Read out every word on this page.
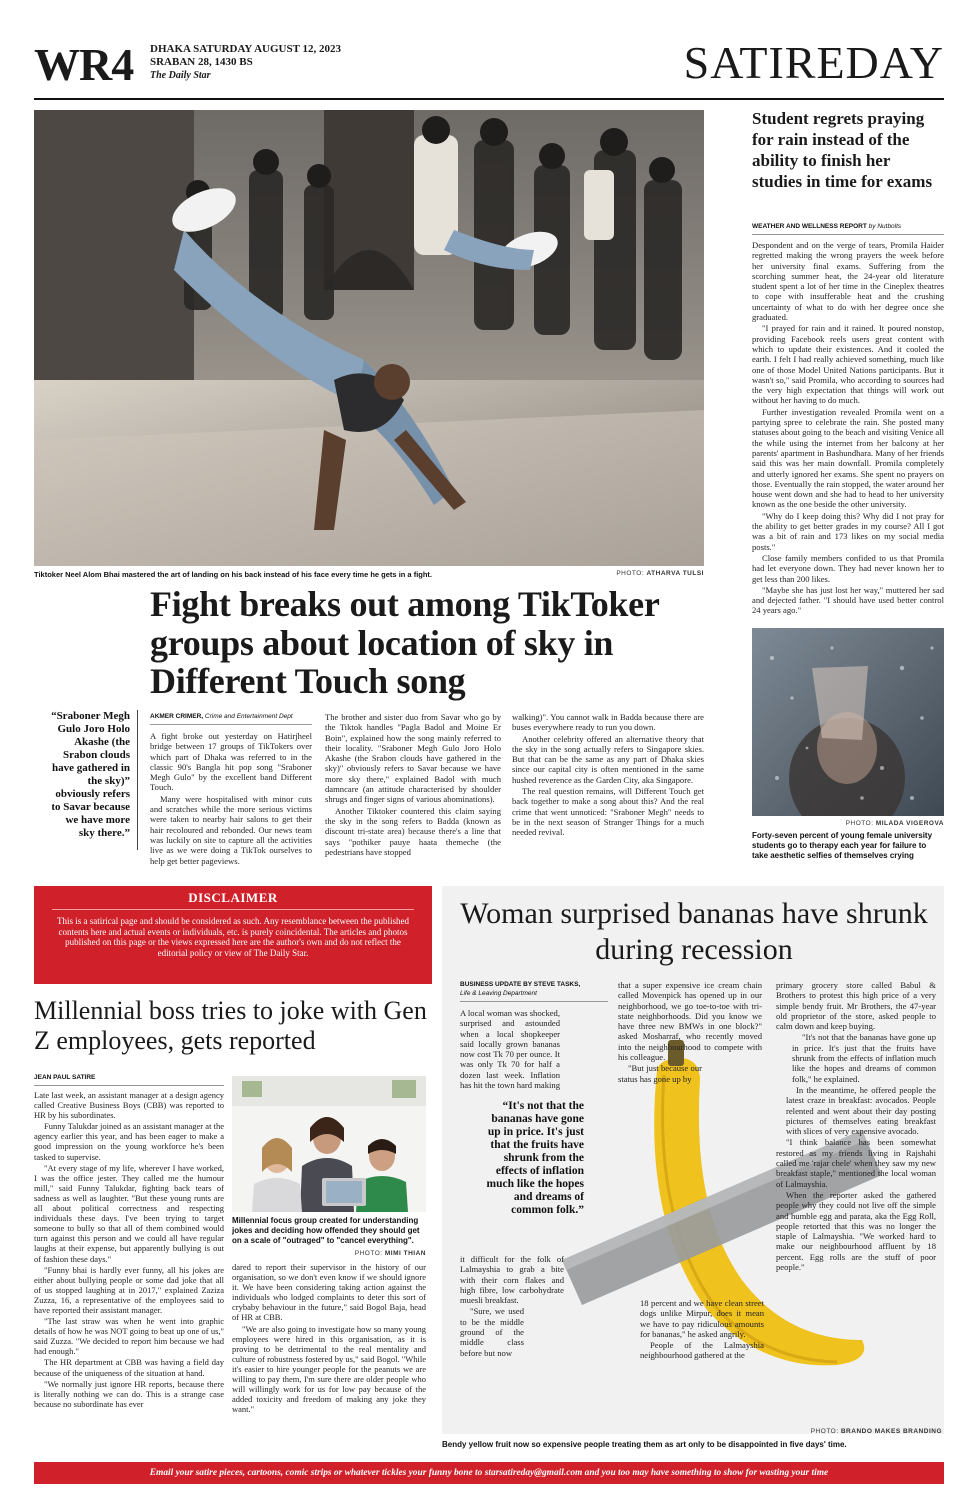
WR4 DHAKA SATURDAY AUGUST 12, 2023
SRABAN 28, 1430 BS
The Daily Star	SATIREDAY
Tiktoker Neel Alom Bhai mastered the art of landing on his back instead of his face every time he gets in a fight.	PHOTO: ATHARVA TULSI
Fight breaks out among TikToker groups about location of sky in Different Touch song
“Sraboner Megh Gulo Joro Holo Akashe (the Srabon clouds have gathered in the sky)” obviously refers to Savar because we have more sky there.”
AKMER CRIMER, Crime and Entertainment Dept

A fight broke out yesterday on Hatirjheel bridge between 17 groups of TikTokers over which part of Dhaka was referred to in the classic 90's Bangla hit pop song "Sraboner Megh Gulo" by the excellent band Different Touch.

Many were hospitalised with minor cuts and scratches while the more serious victims were taken to nearby hair salons to get their hair recoloured and rebonded. Our news team was luckily on site to capture all the activities live as we were doing a TikTok ourselves to help get better pageviews.

The brother and sister duo from Savar who go by the Tiktok handles "Pagla Badol and Moine Er Boin", explained how the song mainly referred to their locality. "Sraboner Megh Gulo Joro Holo Akashe (the Srabon clouds have gathered in the sky)" obviously refers to Savar because we have more sky there," explained Badol with much damncare (an attitude characterised by shoulder shrugs and finger signs of various abominations).

Another Tiktoker countered this claim saying the sky in the song refers to Badda (known as discount tri-state area) because there's a line that says "pothiker pauye haata themeche (the pedestrians have stopped

walking)". You cannot walk in Badda because there are buses everywhere ready to run you down.

Another celebrity offered an alternative theory that the sky in the song actually refers to Singapore skies. But that can be the same as any part of Dhaka skies since our capital city is often mentioned in the same hushed reverence as the Garden City, aka Singapore.

The real question remains, will Different Touch get back together to make a song about this? And the real crime that went unnoticed: "Sraboner Megh" needs to be in the next season of Stranger Things for a much needed revival.

Student regrets praying for rain instead of the ability to finish her studies in time for exams
WEATHER AND WELLNESS REPORT by Nutbolts

Despondent and on the verge of tears, Promila Haider regretted making the wrong prayers the week before her university final exams. Suffering from the scorching summer heat, the 24-year old literature student spent a lot of her time in the Cineplex theatres to cope with insufferable heat and the crushing uncertainty of what to do with her degree once she graduated.

"I prayed for rain and it rained. It poured nonstop, providing Facebook reels users great content with which to update their existences. And it cooled the earth. I felt I had really achieved something, much like one of those Model United Nations participants. But it wasn't so," said Promila, who according to sources had the very high expectation that things will work out without her having to do much.

Further investigation revealed Promila went on a partying spree to celebrate the rain. She posted many statuses about going to the beach and visiting Venice all the while using the internet from her balcony at her parents' apartment in Bashundhara. Many of her friends said this was her main downfall. Promila completely and utterly ignored her exams. She spent no prayers on those. Eventually the rain stopped, the water around her house went down and she had to head to her university known as the one beside the other university.

"Why do I keep doing this? Why did I not pray for the ability to get better grades in my course? All I got was a bit of rain and 173 likes on my social media posts."

Close family members confided to us that Promila had let everyone down. They had never known her to get less than 200 likes.

"Maybe she has just lost her way," muttered her sad and dejected father. "I should have used better control 24 years ago."

PHOTO: MILADA VIGEROVA
Forty-seven percent of young female university students go to therapy each year for failure to take aesthetic selfies of themselves crying
DISCLAIMER
This is a satirical page and should be considered as such. Any resemblance between the published contents here and actual events or individuals, etc. is purely coincidental. The articles and photos published on this page or the views expressed here are the author's own and do not reflect the editorial policy or view of The Daily Star.
Millennial boss tries to joke with Gen Z employees, gets reported
JEAN PAUL SATIRE

Late last week, an assistant manager at a design agency called Creative Business Boys (CBB) was reported to HR by his subordinates.

Funny Talukdar joined as an assistant manager at the agency earlier this year, and has been eager to make a good impression on the young workforce he's been tasked to supervise.

"At every stage of my life, wherever I have worked, I was the office jester. They called me the humour mill," said Funny Talukdar, fighting back tears of sadness as well as laughter. "But these young runts are all about political correctness and respecting individuals these days. I've been trying to target someone to bully so that all of them combined would turn against this person and we could all have regular laughs at their expense, but apparently bullying is out of fashion these days."

"Funny bhai is hardly ever funny, all his jokes are either about bullying people or some dad joke that all of us stopped laughing at in 2017," explained Zaziza Zuzza, 16, a representative of the employees said to have reported their assistant manager.

"The last straw was when he went into graphic details of how he was NOT going to beat up one of us," said Zuzza. "We decided to report him because we had had enough."

The HR department at CBB was having a field day because of the uniqueness of the situation at hand.

"We normally just ignore HR reports, because there is literally nothing we can do. This is a strange case because no subordinate has ever

Millennial focus group created for understanding jokes and deciding how offended they should get on a scale of "outraged" to "cancel everything".
PHOTO: MIMI THIAN

dared to report their supervisor in the history of our organisation, so we don't even know if we should ignore it. We have been considering taking action against the individuals who lodged complaints to deter this sort of crybaby behaviour in the future," said Bogol Baja, head of HR at CBB.

"We are also going to investigate how so many young employees were hired in this organisation, as it is proving to be detrimental to the real mentality and culture of robustness fostered by us," said Bogol. "While it's easier to hire younger people for the peanuts we are willing to pay them, I'm sure there are older people who will willingly work for us for low pay because of the added toxicity and freedom of making any joke they want."

Woman surprised bananas have shrunk during recession
BUSINESS UPDATE BY STEVE TASKS,
Life & Leaving Department

A local woman was shocked, surprised and astounded when a local shopkeeper said locally grown bananas now cost Tk 70 per ounce. It was only Tk 70 for half a dozen last week. Inflation has hit the town hard making

“It's not that the bananas have gone up in price. It's just that the fruits have shrunk from the effects of inflation much like the hopes and dreams of common folk.”

it difficult for the folk of Lalmayshia to grab a bite with their corn flakes and high fibre, low carbohydrate muesli breakfast.

"Sure, we used to be the middle ground of the middle class before but now

that a super expensive ice cream chain called Movenpick has opened up in our neighborhood, we go toe-to-toe with tri-state neighborhoods. Did you know we have three new BMWs in one block?" asked Mosharraf, who recently moved into the neighbourhood to compete with his colleague.

"But just because our status has gone up by

18 percent and we have clean street dogs unlike Mirpur, does it mean we have to pay ridiculous amounts for bananas," he asked angrily.

People of the Lalmayshia neighbourhood gathered at the

primary grocery store called Babul & Brothers to protest this high price of a very simple bendy fruit. Mr Brothers, the 47-year old proprietor of the store, asked people to calm down and keep buying.

"It's not that the bananas have gone up in price. It's just that the fruits have shrunk from the effects of inflation much like the hopes and dreams of common folk," he explained.

In the meantime, he offered people the latest craze in breakfast: avocados. People relented and went about their day posting pictures of themselves eating breakfast with slices of very expensive avocado.

"I think balance has been somewhat restored as my friends living in Rajshahi called me 'rajar chele' when they saw my new breakfast staple," mentioned the local woman of Lalmayshia.

When the reporter asked the gathered people why they could not live off the simple and humble egg and parata, aka the Egg Roll, people retorted that this was no longer the staple of Lalmayshia. "We worked hard to make our neighbourhood affluent by 18 percent. Egg rolls are the stuff of poor people."

PHOTO: BRANDO MAKES BRANDING
Bendy yellow fruit now so expensive people treating them as art only to be disappointed in five days' time.
Email your satire pieces, cartoons, comic strips or whatever tickles your funny bone to starsatireday@gmail.com and you too may have something to show for wasting your time
